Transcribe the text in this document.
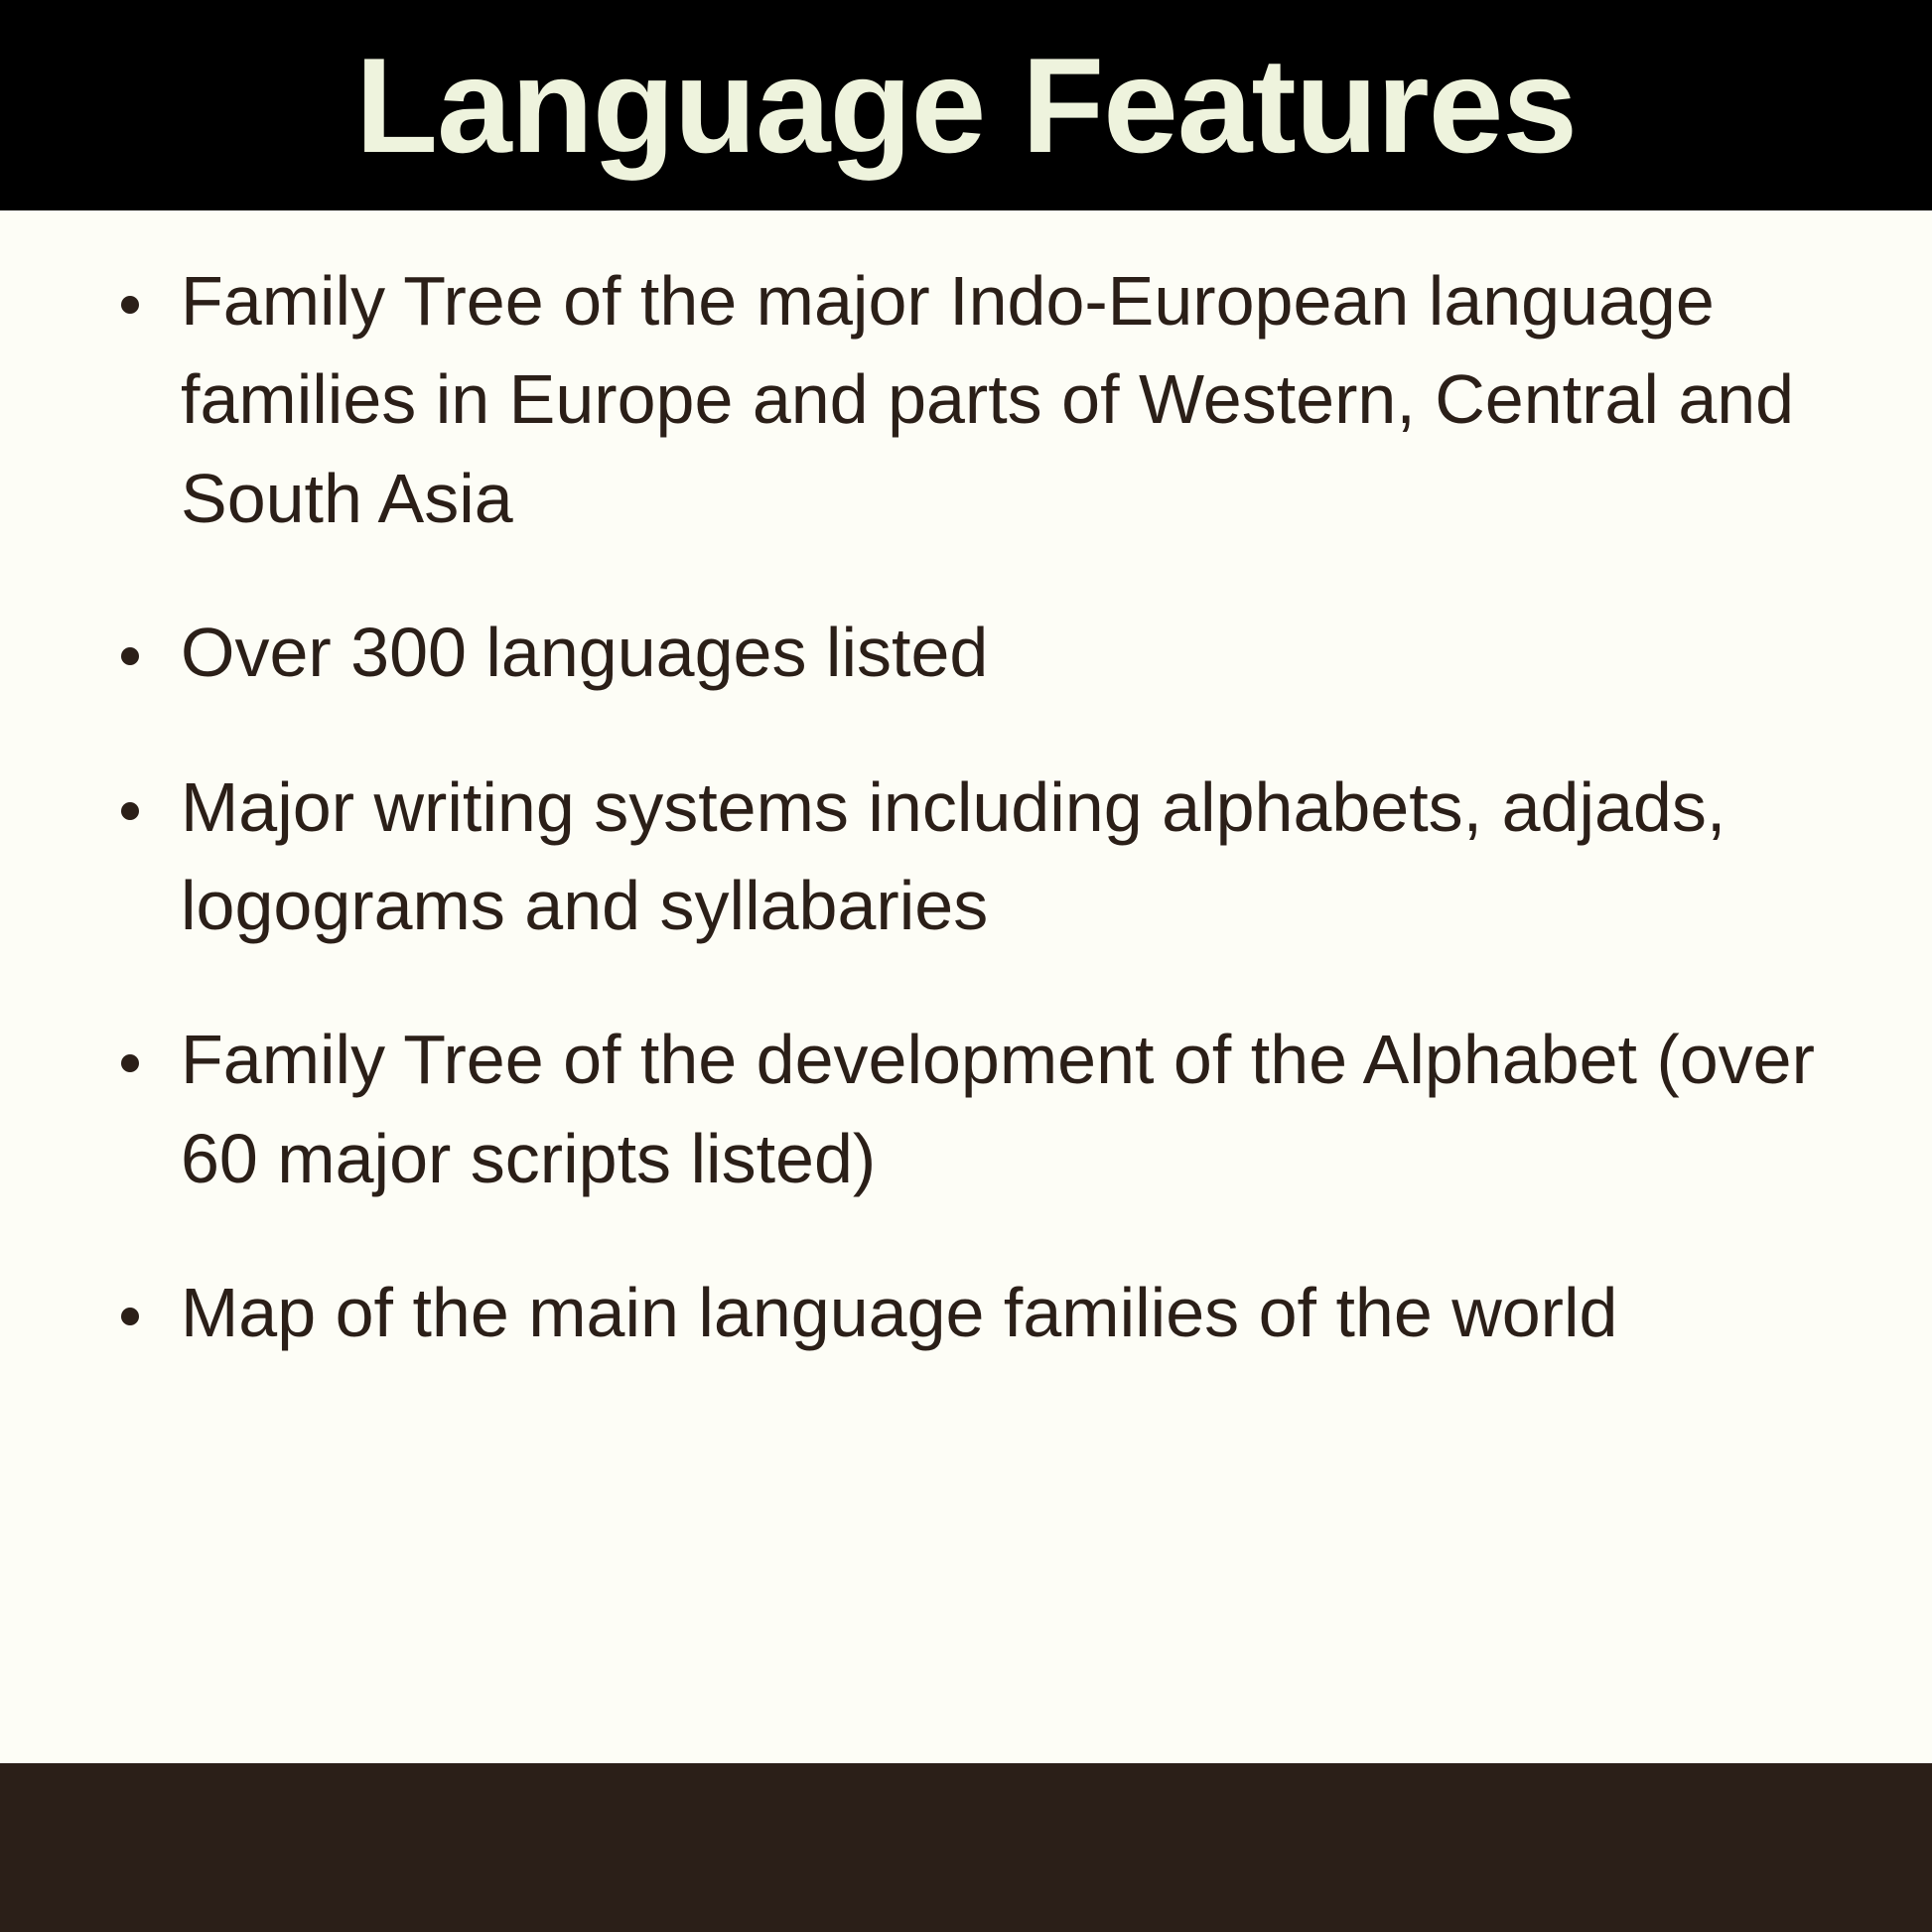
Language Features
Family Tree of the major Indo-European language families in Europe and parts of Western, Central and South Asia
Over 300 languages listed
Major writing systems including alphabets, adjads, logograms and syllabaries
Family Tree of the development of the Alphabet (over 60 major scripts listed)
Map of the main language families of the world
